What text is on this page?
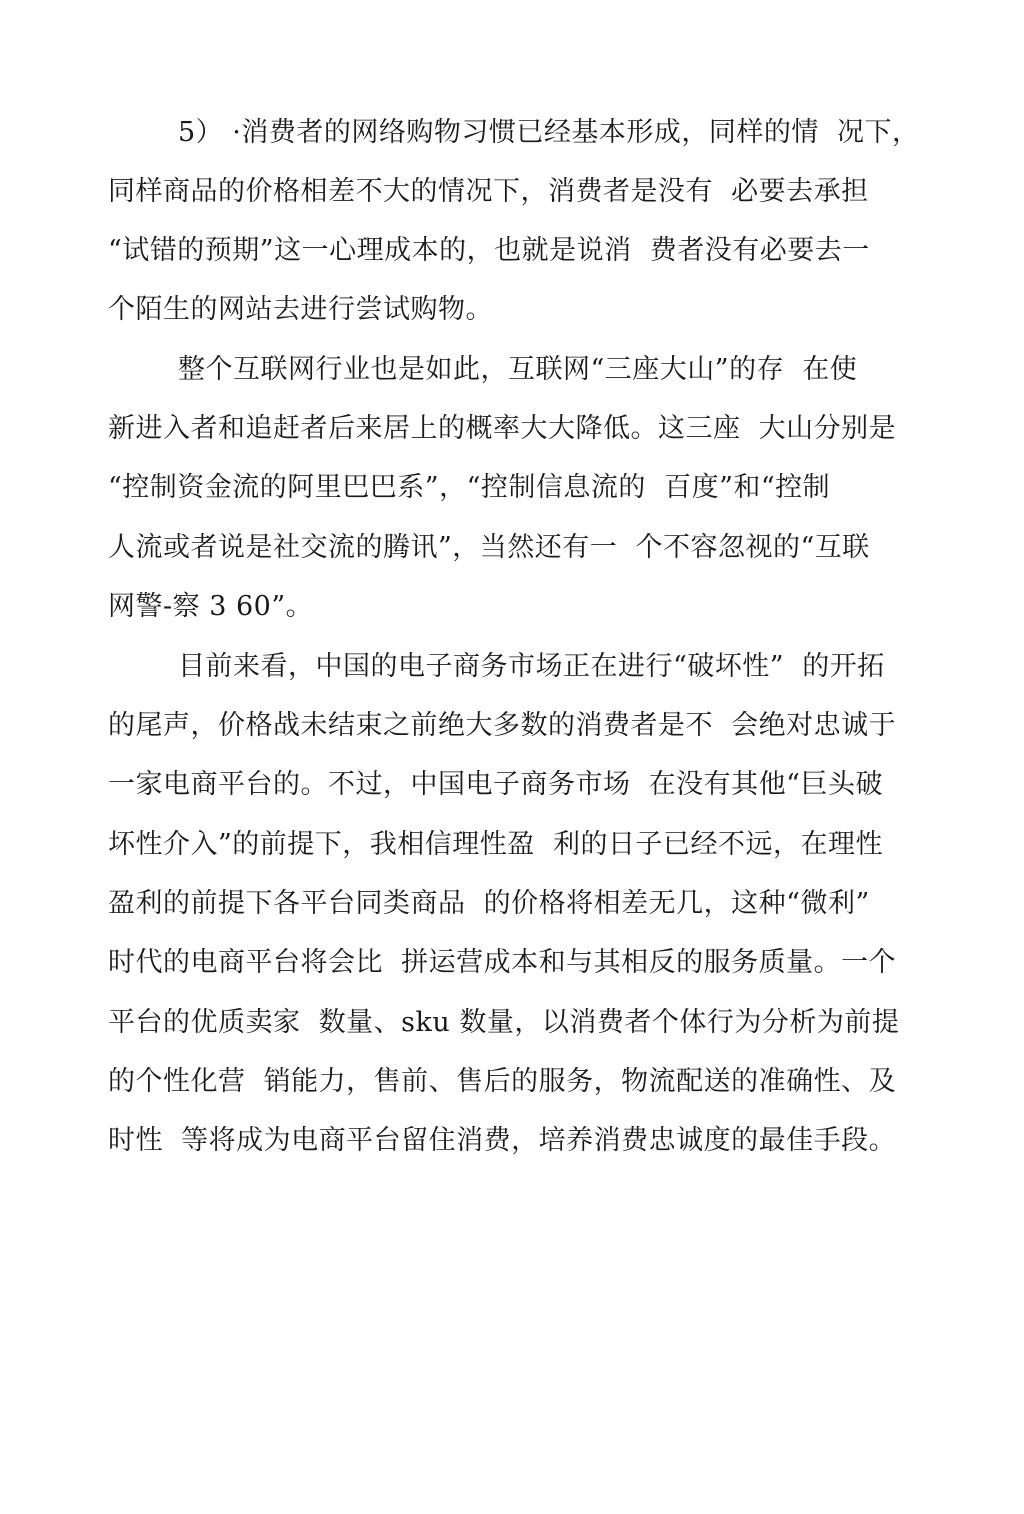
5） ·消费者的网络购物习惯已经基本形成，同样的情  况下，
同样商品的价格相差不大的情况下，消费者是没有  必要去承担
“试错的预期”这一心理成本的，也就是说消  费者没有必要去一
个陌生的网站去进行尝试购物。
整个互联网行业也是如此，互联网“三座大山”的存  在使
新进入者和追赶者后来居上的概率大大降低。这三座  大山分别是
“控制资金流的阿里巴巴系”，“控制信息流的  百度”和“控制
人流或者说是社交流的腾讯”，当然还有一  个不容忽视的“互联
网警-察 3 60”。
目前来看，中国的电子商务市场正在进行“破坏性”  的开拓
的尾声，价格战未结束之前绝大多数的消费者是不  会绝对忠诚于
一家电商平台的。不过，中国电子商务市场  在没有其他“巨头破
坏性介入”的前提下，我相信理性盈  利的日子已经不远，在理性
盈利的前提下各平台同类商品  的价格将相差无几，这种“微利”
时代的电商平台将会比  拼运营成本和与其相反的服务质量。一个
平台的优质卖家  数量、sku 数量，以消费者个体行为分析为前提
的个性化营  销能力，售前、售后的服务，物流配送的准确性、及
时性  等将成为电商平台留住消费，培养消费忠诚度的最佳手段。
